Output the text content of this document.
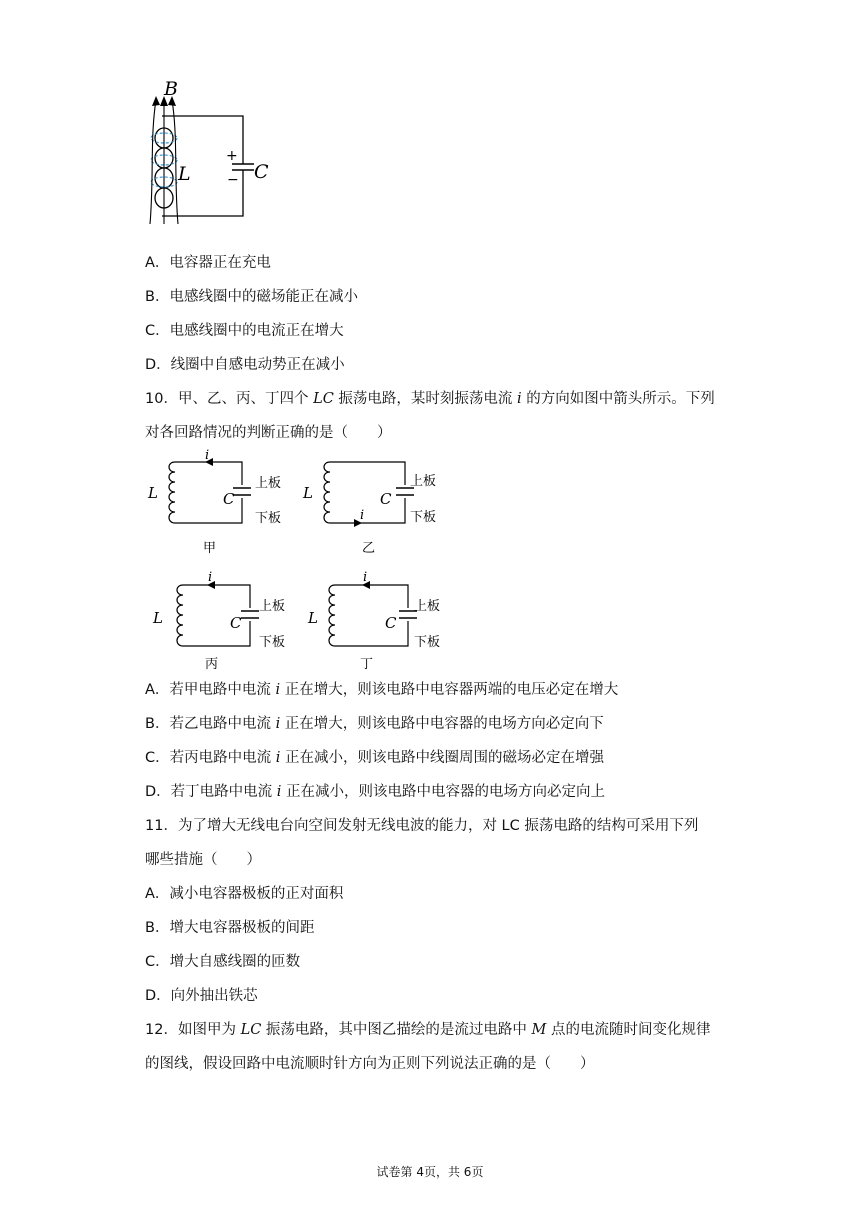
B
L	C
+
−
A．电容器正在充电
B．电感线圈中的磁场能正在减小
C．电感线圈中的电流正在增大
D．线圈中自感电动势正在减小
10．甲、乙、丙、丁四个 LC 振荡电路，某时刻振荡电流 i 的方向如图中箭头所示。下列
对各回路情况的判断正确的是（　　）
i
L	C
上板
下板
甲
i
L	C
上板
下板
乙
i
L	C
上板
下板
丙
i
L	C
上板
下板
丁
A．若甲电路中电流 i 正在增大，则该电路中电容器两端的电压必定在增大
B．若乙电路中电流 i 正在增大，则该电路中电容器的电场方向必定向下
C．若丙电路中电流 i 正在减小，则该电路中线圈周围的磁场必定在增强
D．若丁电路中电流 i 正在减小，则该电路中电容器的电场方向必定向上
11．为了增大无线电台向空间发射无线电波的能力，对 LC 振荡电路的结构可采用下列
哪些措施（　　）
A．减小电容器极板的正对面积
B．增大电容器极板的间距
C．增大自感线圈的匝数
D．向外抽出铁芯
12．如图甲为 LC 振荡电路，其中图乙描绘的是流过电路中 M 点的电流随时间变化规律
的图线，假设回路中电流顺时针方向为正则下列说法正确的是（　　）
试卷第 4页，共 6页
